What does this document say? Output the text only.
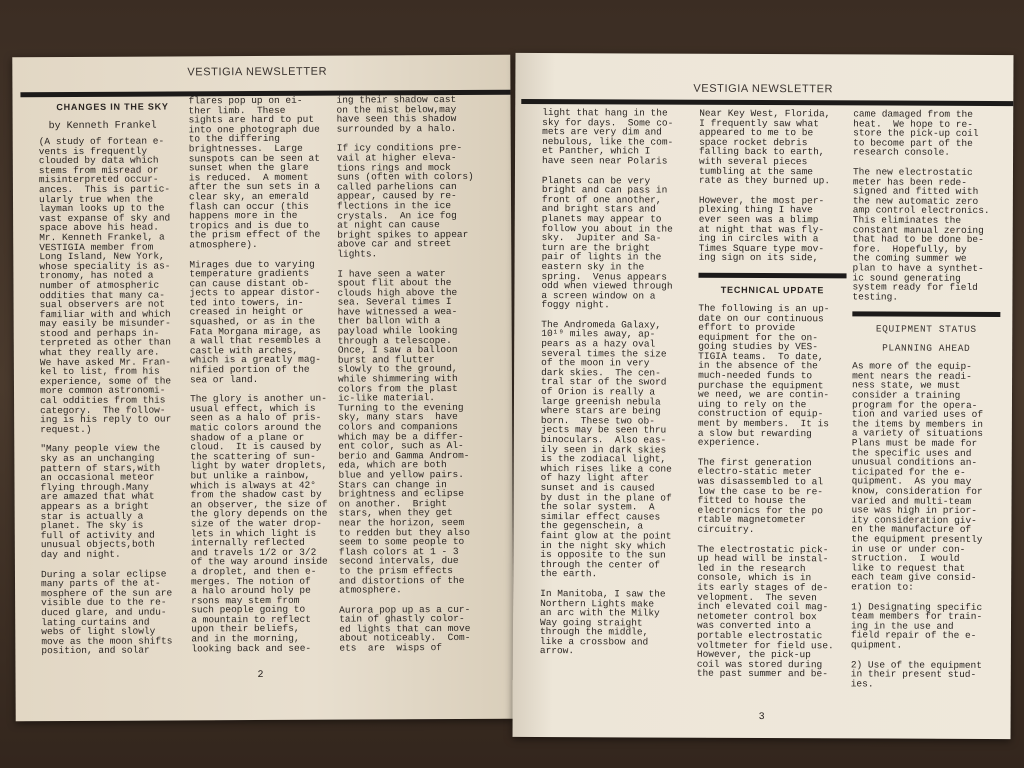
VESTIGIA NEWSLETTER
CHANGES IN THE SKY
by Kenneth Frankel
(A study of fortean e-
vents is frequently
clouded by data which
stems from misread or
misinterpreted occur-
ances.  This is partic-
ularly true when the
layman looks up to the
vast expanse of sky and
space above his head.
Mr. Kenneth Frankel, a
VESTIGIA member from
Long Island, New York,
whose speciality is as-
tronomy, has noted a
number of atmospheric
oddities that many ca-
sual observers are not
familiar with and which
may easily be misunder-
stood and perhaps in-
terpreted as other than
what they really are.
We have asked Mr. Fran-
kel to list, from his
experience, some of the
more common astronomi-
cal oddities from this
category.  The follow-
ing is his reply to our
request.)
"Many people view the
sky as an unchanging
pattern of stars,with
an occasional meteor
flying through.Many
are amazed that what
appears as a bright
star is actually a
planet. The sky is
full of activity and
unusual objects,both
day and night.
During a solar eclipse
many parts of the at-
mosphere of the sun are
visible due to the re-
duced glare, and undu-
lating curtains and
webs of light slowly
move as the moon shifts
position, and solar
flares pop up on ei-
ther limb.  These
sights are hard to put
into one photograph due
to the differing
brightnesses.  Large
sunspots can be seen at
sunset when the glare
is reduced.  A moment
after the sun sets in a
clear sky, an emerald
flash can occur (this
happens more in the
tropics and is due to
the prism effect of the
atmosphere).
Mirages due to varying
temperature gradients
can cause distant ob-
jects to appear distor-
ted into towers, in-
creased in height or
squashed, or as in the
Fata Morgana mirage, as
a wall that resembles a
castle with arches,
which is a greatly mag-
nified portion of the
sea or land.
The glory is another un-
usual effect, which is
seen as a halo of pris-
matic colors around the
shadow of a plane or
cloud.  It is caused by
the scattering of sun-
light by water droplets,
but unlike a rainbow,
which is always at 42°
from the shadow cast by
an observer, the size of
the glory depends on the
size of the water drop-
lets in which light is
internally reflected
and travels 1/2 or 3/2
of the way around inside
a droplet, and then e-
merges. The notion of
a halo around holy pe
rsons may stem from
such people going to
a mountain to reflect
upon their beliefs,
and in the morning,
looking back and see-
ing their shadow cast
on the mist below,may
have seen this shadow
surrounded by a halo.
If icy conditions pre-
vail at higher eleva-
tions rings and mock
suns (often with colors)
called parhelions can
appear, caused by re-
flections in the ice
crystals.  An ice fog
at night can cause
bright spikes to appear
above car and street
lights.
I have seen a water
spout flit about the
clouds high above the
sea. Several times I
have witnessed a wea-
ther ballon with a
payload while looking
through a telescope.
Once, I saw a balloon
burst and flutter
slowly to the ground,
while shimmering with
colors from the plast
ic-like material.
Turning to the evening
sky, many stars  have
colors and companions
which may be a differ-
ent color, such as Al-
berio and Gamma Androm-
eda, which are both
blue and yellow pairs.
Stars can change in
brightness and eclipse
on another.  Bright
stars, when they get
near the horizon, seem
to redden but they also
seem to some people to
flash colors at 1 - 3
second intervals, due
to the prism effects
and distortions of the
atmosphere.
Aurora pop up as a cur-
tain of ghastly color-
ed lights that can move
about noticeably.  Com-
ets  are  wisps of
2
VESTIGIA NEWSLETTER
light that hang in the
sky for days.  Some co-
mets are very dim and
nebulous, like the com-
et Panther, which I
have seen near Polaris
Planets can be very
bright and can pass in
front of one another,
and bright stars and
planets may appear to
follow you about in the
sky.  Jupiter and Sa-
turn are the bright
pair of lights in the
eastern sky in the
spring.  Venus appears
odd when viewed through
a screen window on a
foggy night.
The Andromeda Galaxy,
10¹⁹ miles away, ap-
pears as a hazy oval
several times the size
of the moon in very
dark skies.  The cen-
tral star of the sword
of Orion is really a
large greenish nebula
where stars are being
born.  These two ob-
jects may be seen thru
binoculars.  Also eas-
ily seen in dark skies
is the zodiacal light,
which rises like a cone
of hazy light after
sunset and is caused
by dust in the plane of
the solar system.  A
similar effect causes
the gegenschein, a
faint glow at the point
in the night sky which
is opposite to the sun
through the center of
the earth.
In Manitoba, I saw the
Northern Lights make
an arc with the Milky
Way going straight
through the middle,
like a crossbow and
arrow.
Near Key West, Florida,
I frequently saw what
appeared to me to be
space rocket debris
falling back to earth,
with several pieces
tumbling at the same
rate as they burned up.
However, the most per-
plexing thing I have
ever seen was a blimp
at night that was fly-
ing in circles with a
Times Square type mov-
ing sign on its side,
TECHNICAL UPDATE
The following is an up-
date on our continuous
effort to provide
equipment for the on-
going studies by VES-
TIGIA teams.  To date,
in the absence of the
much-needed funds to
purchase the equipment
we need, we are contin-
uing to rely on the
construction of equip-
ment by members.  It is
a slow but rewarding
experience.
The first generation
electro-static meter
was disassembled to al
low the case to be re-
fitted to house the
electronics for the po
rtable magnetometer
circuitry.
The electrostatic pick-
up head will be instal-
led in the research
console, which is in
its early stages of de-
velopment.  The seven
inch elevated coil mag-
netometer control box
was converted into a
portable electrostatic
voltmeter for field use.
However, the pick-up
coil was stored during
the past summer and be-
came damaged from the
heat.  We hope to re-
store the pick-up coil
to become part of the
research console.
The new electrostatic
meter has been rede-
signed and fitted with
the new automatic zero
amp control electronics.
This eliminates the
constant manual zeroing
that had to be done be-
fore.  Hopefully, by
the coming summer we
plan to have a synthet-
ic sound generating
system ready for field
testing.
EQUIPMENT STATUS
PLANNING AHEAD
As more of the equip-
ment nears the readi-
ness state, we must
consider a training
program for the opera-
tion and varied uses of
the items by members in
a variety of situations
Plans must be made for
the specific uses and
unusual conditions an-
ticipated for the e-
quipment.  As you may
know, consideration for
varied and multi-team
use was high in prior-
ity consideration giv-
en the manufacture of
the equipment presently
in use or under con-
struction.  I would
like to request that
each team give consid-
eration to:
1) Designating specific
team members for train-
ing in the use and
field repair of the e-
quipment.
2) Use of the equipment
in their present stud-
ies.
3
